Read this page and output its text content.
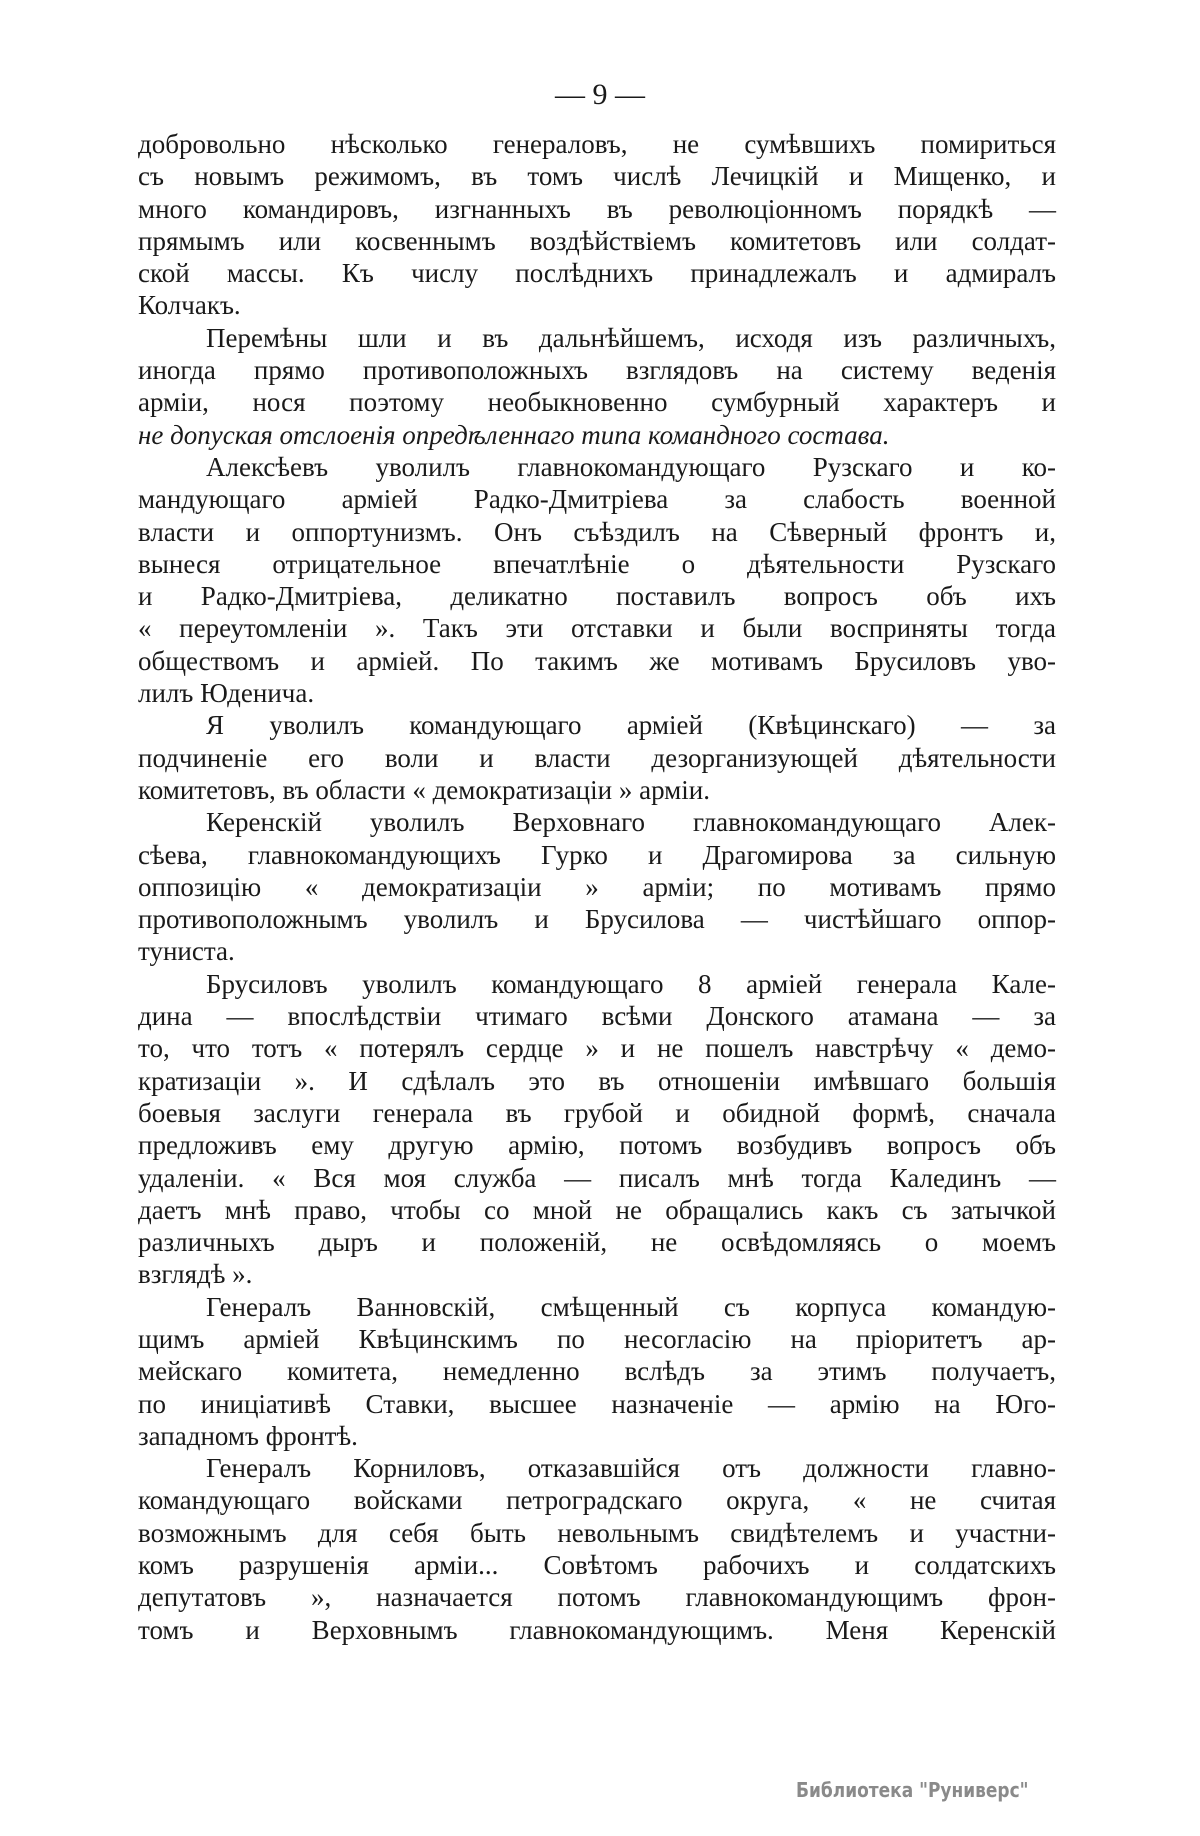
— 9 —
добровольно нѣсколько генераловъ, не сумѣвшихъ помириться
съ новымъ режимомъ, въ томъ числѣ Лечицкій и Мищенко, и
много командировъ, изгнанныхъ въ революціонномъ порядкѣ —
прямымъ или косвеннымъ воздѣйствіемъ комитетовъ или солдат-
ской массы. Къ числу послѣднихъ принадлежалъ и адмиралъ
Колчакъ.
Перемѣны шли и въ дальнѣйшемъ, исходя изъ различныхъ,
иногда прямо противоположныхъ взглядовъ на систему веденія
арміи, нося поэтому необыкновенно сумбурный характеръ и
не допуская отслоенія опредѣленнаго типа командного состава.
Алексѣевъ уволилъ главнокомандующаго Рузскаго и ко-
мандующаго арміей Радко-Дмитріева за слабость военной
власти и оппортунизмъ. Онъ съѣздилъ на Сѣверный фронтъ и,
вынеся отрицательное впечатлѣніе о дѣятельности Рузскаго
и Радко-Дмитріева, деликатно поставилъ вопросъ объ ихъ
« переутомленіи ». Такъ эти отставки и были восприняты тогда
обществомъ и арміей. По такимъ же мотивамъ Брусиловъ уво-
лилъ Юденича.
Я уволилъ командующаго арміей (Квѣцинскаго) — за
подчиненіе его воли и власти дезорганизующей дѣятельности
комитетовъ, въ области « демократизаціи » арміи.
Керенскій уволилъ Верховнаго главнокомандующаго Алек-
сѣева, главнокомандующихъ Гурко и Драгомирова за сильную
оппозицію « демократизаціи » арміи; по мотивамъ прямо
противоположнымъ уволилъ и Брусилова — чистѣйшаго оппор-
туниста.
Брусиловъ уволилъ командующаго 8 арміей генерала Кале-
дина — впослѣдствіи чтимаго всѣми Донского атамана — за
то, что тотъ « потерялъ сердце » и не пошелъ навстрѣчу « демо-
кратизаціи ». И сдѣлалъ это въ отношеніи имѣвшаго большія
боевыя заслуги генерала въ грубой и обидной формѣ, сначала
предложивъ ему другую армію, потомъ возбудивъ вопросъ объ
удаленіи. « Вся моя служба — писалъ мнѣ тогда Калединъ —
даетъ мнѣ право, чтобы со мной не обращались какъ съ затычкой
различныхъ дыръ и положеній, не освѣдомляясь о моемъ
взглядѣ ».
Генералъ Ванновскій, смѣщенный съ корпуса командую-
щимъ арміей Квѣцинскимъ по несогласію на пріоритетъ ар-
мейскаго комитета, немедленно вслѣдъ за этимъ получаетъ,
по иниціативѣ Ставки, высшее назначеніе — армію на Юго-
западномъ фронтѣ.
Генералъ Корниловъ, отказавшійся отъ должности главно-
командующаго войсками петроградскаго округа, « не считая
возможнымъ для себя быть невольнымъ свидѣтелемъ и участни-
комъ разрушенія арміи... Совѣтомъ рабочихъ и солдатскихъ
депутатовъ », назначается потомъ главнокомандующимъ фрон-
томъ и Верховнымъ главнокомандующимъ. Меня Керенскій
Библиотека "Руниверс"
